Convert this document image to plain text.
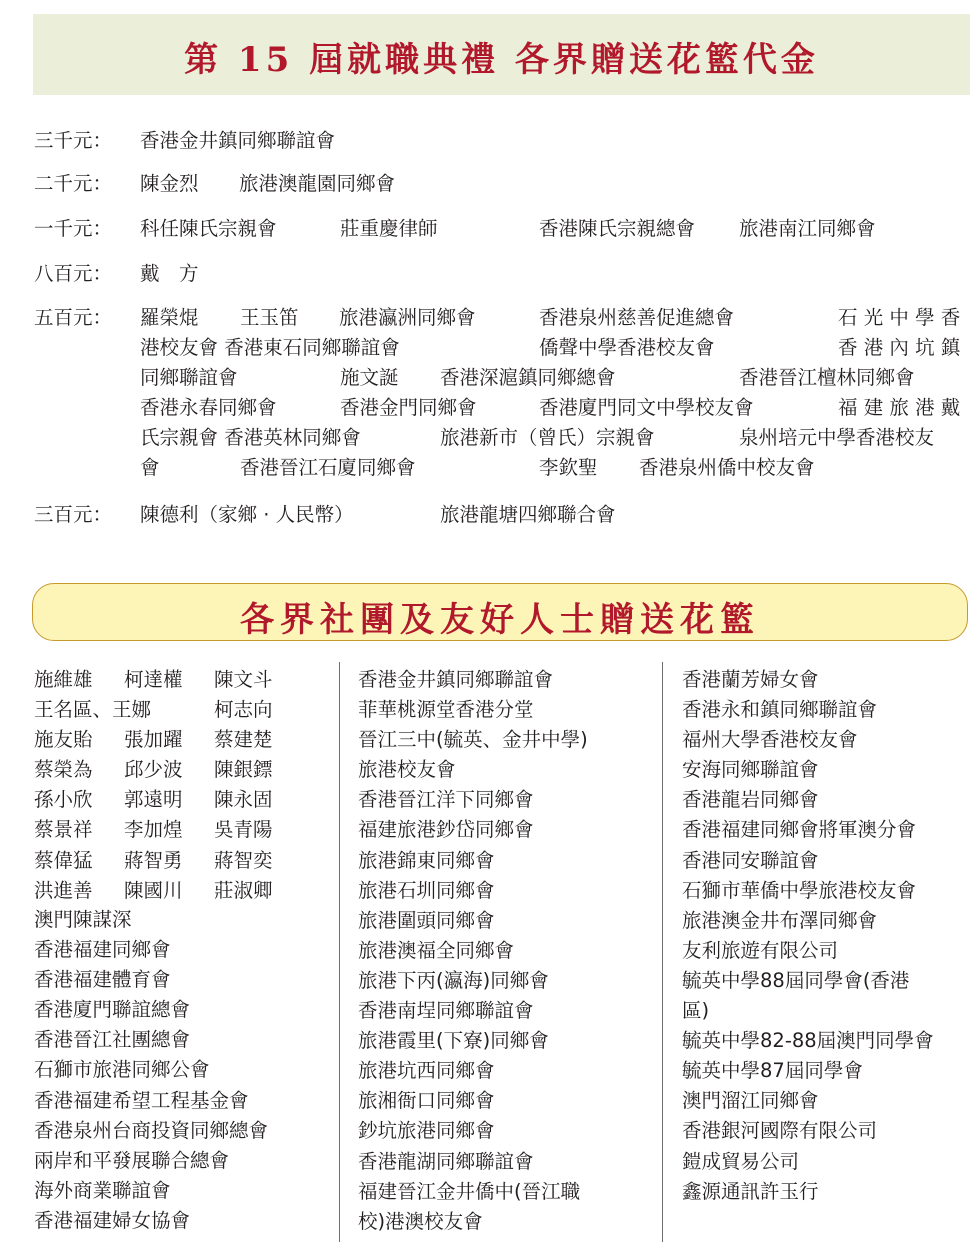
第 15 屆就職典禮 各界贈送花籃代金
三千元： 香港金井鎮同鄉聯誼會
二千元： 陳金烈 旅港澳龍園同鄉會
一千元： 科任陳氏宗親會	莊重慶律師	香港陳氏宗親總會 旅港南江同鄉會
八百元： 戴　方
五百元： 羅榮焜 王玉笛 旅港瀛洲同鄉會	香港泉州慈善促進總會	石 光 中 學 香
港校友會 香港東石同鄉聯誼會	僑聲中學香港校友會	香 港 內 坑 鎮
同鄉聯誼會	施文誕 香港深滬鎮同鄉總會	香港晉江檀林同鄉會
香港永春同鄉會	香港金門同鄉會	香港廈門同文中學校友會	福 建 旅 港 戴
氏宗親會 香港英林同鄉會	旅港新市（曾氏）宗親會	泉州培元中學香港校友
會	香港晉江石廈同鄉會	李欽聖 香港泉州僑中校友會
三百元： 陳德利（家鄉 · 人民幣）	旅港龍塘四鄉聯合會
各界社團及友好人士贈送花籃
施維雄 柯達權 陳文斗
王名區、王娜	柯志向
施友貽 張加躍 蔡建楚
蔡榮為 邱少波 陳銀鏢
孫小欣 郭遠明 陳永固
蔡景祥 李加煌 吳青陽
蔡偉猛 蔣智勇 蔣智奕
洪進善 陳國川 莊淑卿
澳門陳謀深
香港福建同鄉會
香港福建體育會
香港廈門聯誼總會
香港晉江社團總會
石獅市旅港同鄉公會
香港福建希望工程基金會
香港泉州台商投資同鄉總會
兩岸和平發展聯合總會
海外商業聯誼會
香港福建婦女協會
香港金井鎮同鄉聯誼會
菲華桃源堂香港分堂
晉江三中(毓英、金井中學)
旅港校友會
香港晉江洋下同鄉會
福建旅港鈔岱同鄉會
旅港錦東同鄉會
旅港石圳同鄉會
旅港圍頭同鄉會
旅港澳福全同鄉會
旅港下丙(瀛海)同鄉會
香港南埕同鄉聯誼會
旅港霞里(下寮)同鄉會
旅港坑西同鄉會
旅湘衙口同鄉會
鈔坑旅港同鄉會
香港龍湖同鄉聯誼會
福建晉江金井僑中(晉江職
校)港澳校友會
香港蘭芳婦女會
香港永和鎮同鄉聯誼會
福州大學香港校友會
安海同鄉聯誼會
香港龍岩同鄉會
香港福建同鄉會將軍澳分會
香港同安聯誼會
石獅市華僑中學旅港校友會
旅港澳金井布澤同鄉會
友利旅遊有限公司
毓英中學88屆同學會(香港
區)
毓英中學82-88屆澳門同學會
毓英中學87屆同學會
澳門溜江同鄉會
香港銀河國際有限公司
鎧成貿易公司
鑫源通訊許玉行
